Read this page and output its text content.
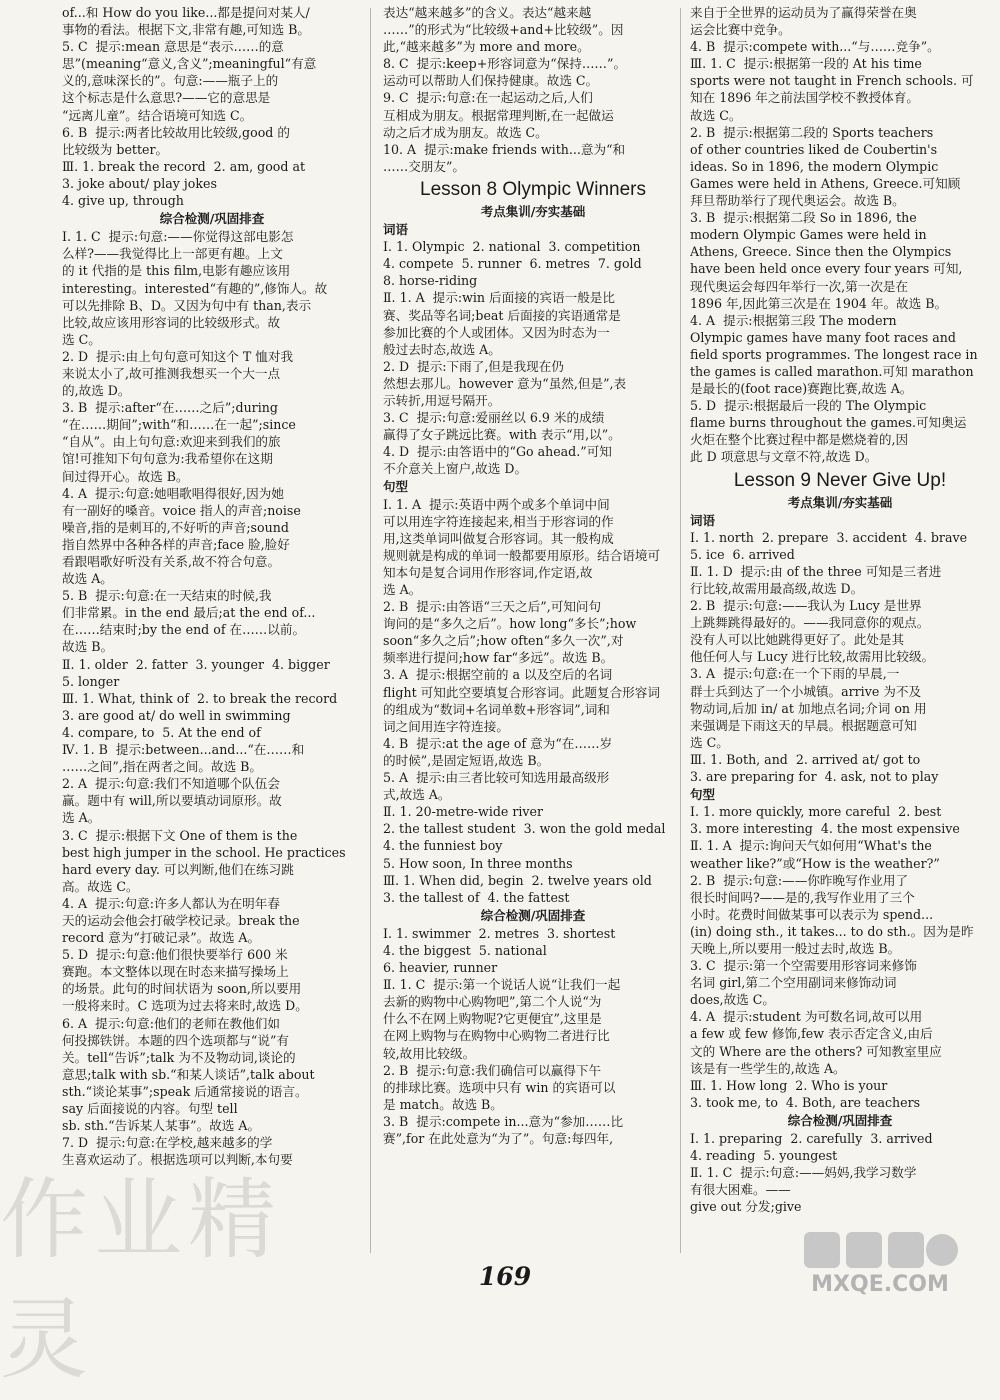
of...和 How do you like...都是提问对某人/
事物的看法。根据下文,非常有趣,可知选 B。
5. C  提示:mean 意思是“表示……的意
思”(meaning“意义,含义”;meaningful“有意
义的,意味深长的”。句意:——瓶子上的
这个标志是什么意思?——它的意思是
“远离儿童”。结合语境可知选 C。
6. B  提示:两者比较故用比较级,good 的
比较级为 better。
Ⅲ. 1. break the record  2. am, good at
3. joke about/ play jokes
4. give up, through
综合检测/巩固排查
Ⅰ. 1. C  提示:句意:——你觉得这部电影怎
么样?——我觉得比上一部更有趣。上文
的 it 代指的是 this film,电影有趣应该用
interesting。interested“有趣的”,修饰人。故
可以先排除 B、D。又因为句中有 than,表示
比较,故应该用形容词的比较级形式。故
选 C。
2. D  提示:由上句句意可知这个 T 恤对我
来说太小了,故可推测我想买一个大一点
的,故选 D。
3. B  提示:after“在……之后”;during
“在……期间”;with“和……在一起”;since
“自从”。由上句句意:欢迎来到我们的旅
馆!可推知下句句意为:我希望你在这期
间过得开心。故选 B。
4. A  提示:句意:她唱歌唱得很好,因为她
有一副好的嗓音。voice 指人的声音;noise
噪音,指的是刺耳的,不好听的声音;sound
指自然界中各种各样的声音;face 脸,脸好
看跟唱歌好听没有关系,故不符合句意。
故选 A。
5. B  提示:句意:在一天结束的时候,我
们非常累。in the end 最后;at the end of...
在……结束时;by the end of 在……以前。
故选 B。
Ⅱ. 1. older  2. fatter  3. younger  4. bigger
5. longer
Ⅲ. 1. What, think of  2. to break the record
3. are good at/ do well in swimming
4. compare, to  5. At the end of
Ⅳ. 1. B  提示:between...and...“在……和
……之间”,指在两者之间。故选 B。
2. A  提示:句意:我们不知道哪个队伍会
赢。题中有 will,所以要填动词原形。故
选 A。
3. C  提示:根据下文 One of them is the
best high jumper in the school. He practices
hard every day. 可以判断,他们在练习跳
高。故选 C。
4. A  提示:句意:许多人都认为在明年春
天的运动会他会打破学校记录。break the
record 意为“打破记录”。故选 A。
5. D  提示:句意:他们很快要举行 600 米
赛跑。本文整体以现在时态来描写操场上
的场景。此句的时间状语为 soon,所以要用
一般将来时。C 选项为过去将来时,故选 D。
6. A  提示:句意:他们的老师在教他们如
何投掷铁饼。本题的四个选项都与“说”有
关。tell“告诉”;talk 为不及物动词,谈论的
意思;talk with sb.“和某人谈话”,talk about
sth.“谈论某事”;speak 后通常接说的语言。
say 后面接说的内容。句型 tell
sb. sth.“告诉某人某事”。故选 A。
7. D  提示:句意:在学校,越来越多的学
生喜欢运动了。根据选项可以判断,本句要
表达“越来越多”的含义。表达“越来越
……”的形式为“比较级+and+比较级”。因
此,“越来越多”为 more and more。
8. C  提示:keep+形容词意为“保持……”。
运动可以帮助人们保持健康。故选 C。
9. C  提示:句意:在一起运动之后,人们
互相成为朋友。根据常理判断,在一起做运
动之后才成为朋友。故选 C。
10. A  提示:make friends with...意为“和
……交朋友”。
Lesson 8 Olympic Winners
考点集训/夯实基础
词语
Ⅰ. 1. Olympic  2. national  3. competition
4. compete  5. runner  6. metres  7. gold
8. horse-riding
Ⅱ. 1. A  提示:win 后面接的宾语一般是比
赛、奖品等名词;beat 后面接的宾语通常是
参加比赛的个人或团体。又因为时态为一
般过去时态,故选 A。
2. D  提示:下雨了,但是我现在仍
然想去那儿。however 意为“虽然,但是”,表
示转折,用逗号隔开。
3. C  提示:句意:爱丽丝以 6.9 米的成绩
赢得了女子跳远比赛。with 表示“用,以”。
4. D  提示:由答语中的“Go ahead.”可知
不介意关上窗户,故选 D。
句型
Ⅰ. 1. A  提示:英语中两个或多个单词中间
可以用连字符连接起来,相当于形容词的作
用,这类单词叫做复合形容词。其一般构成
规则就是构成的单词一般都要用原形。结合语境可
知本句是复合词用作形容词,作定语,故
选 A。
2. B  提示:由答语“三天之后”,可知问句
询问的是“多久之后”。how long“多长”;how
soon“多久之后”;how often“多久一次”,对
频率进行提问;how far“多远”。故选 B。
3. A  提示:根据空前的 a 以及空后的名词
flight 可知此空要填复合形容词。此题复合形容词
的组成为“数词+名词单数+形容词”,词和
词之间用连字符连接。
4. B  提示:at the age of 意为“在……岁
的时候”,是固定短语,故选 B。
5. A  提示:由三者比较可知选用最高级形
式,故选 A。
Ⅱ. 1. 20-metre-wide river
2. the tallest student  3. won the gold medal
4. the funniest boy
5. How soon, In three months
Ⅲ. 1. When did, begin  2. twelve years old
3. the tallest of  4. the fattest
综合检测/巩固排查
Ⅰ. 1. swimmer  2. metres  3. shortest
4. the biggest  5. national
6. heavier, runner
Ⅱ. 1. C  提示:第一个说话人说“让我们一起
去新的购物中心购物吧”,第二个人说“为
什么不在网上购物呢?它更便宜”,这里是
在网上购物与在购物中心购物二者进行比
较,故用比较级。
2. B  提示:句意:我们确信可以赢得下午
的排球比赛。选项中只有 win 的宾语可以
是 match。故选 B。
3. B  提示:compete in...意为“参加……比
赛”,for 在此处意为“为了”。句意:每四年,
来自于全世界的运动员为了赢得荣誉在奥
运会比赛中竞争。
4. B  提示:compete with...“与……竞争”。
Ⅲ. 1. C  提示:根据第一段的 At his time
sports were not taught in French schools. 可
知在 1896 年之前法国学校不教授体育。
故选 C。
2. B  提示:根据第二段的 Sports teachers
of other countries liked de Coubertin's
ideas. So in 1896, the modern Olympic
Games were held in Athens, Greece.可知顾
拜旦帮助举行了现代奥运会。故选 B。
3. B  提示:根据第二段 So in 1896, the
modern Olympic Games were held in
Athens, Greece. Since then the Olympics
have been held once every four years 可知,
现代奥运会每四年举行一次,第一次是在
1896 年,因此第三次是在 1904 年。故选 B。
4. A  提示:根据第三段 The modern
Olympic games have many foot races and
field sports programmes. The longest race in
the games is called marathon.可知 marathon
是最长的(foot race)赛跑比赛,故选 A。
5. D  提示:根据最后一段的 The Olympic
flame burns throughout the games.可知奥运
火炬在整个比赛过程中都是燃烧着的,因
此 D 项意思与文章不符,故选 D。
Lesson 9 Never Give Up!
考点集训/夯实基础
词语
Ⅰ. 1. north  2. prepare  3. accident  4. brave
5. ice  6. arrived
Ⅱ. 1. D  提示:由 of the three 可知是三者进
行比较,故需用最高级,故选 D。
2. B  提示:句意:——我认为 Lucy 是世界
上跳舞跳得最好的。——我同意你的观点。
没有人可以比她跳得更好了。此处是其
他任何人与 Lucy 进行比较,故需用比较级。
3. A  提示:句意:在一个下雨的早晨,一
群士兵到达了一个小城镇。arrive 为不及
物动词,后加 in/ at 加地点名词;介词 on 用
来强调是下雨这天的早晨。根据题意可知
选 C。
Ⅲ. 1. Both, and  2. arrived at/ got to
3. are preparing for  4. ask, not to play
句型
Ⅰ. 1. more quickly, more careful  2. best
3. more interesting  4. the most expensive
Ⅱ. 1. A  提示:询问天气如何用“What's the
weather like?”或“How is the weather?”
2. B  提示:句意:——你昨晚写作业用了
很长时间吗?——是的,我写作业用了三个
小时。花费时间做某事可以表示为 spend...
(in) doing sth., it takes... to do sth.。因为是昨
天晚上,所以要用一般过去时,故选 B。
3. C  提示:第一个空需要用形容词来修饰
名词 girl,第二个空用副词来修饰动词
does,故选 C。
4. A  提示:student 为可数名词,故可以用
a few 或 few 修饰,few 表示否定含义,由后
文的 Where are the others? 可知教室里应
该是有一些学生的,故选 A。
Ⅲ. 1. How long  2. Who is your
3. took me, to  4. Both, are teachers
综合检测/巩固排查
Ⅰ. 1. preparing  2. carefully  3. arrived
4. reading  5. youngest
Ⅱ. 1. C  提示:句意:——妈妈,我学习数学
有很大困难。——
give out 分发;give
作业精灵
MXQE.COM
169
